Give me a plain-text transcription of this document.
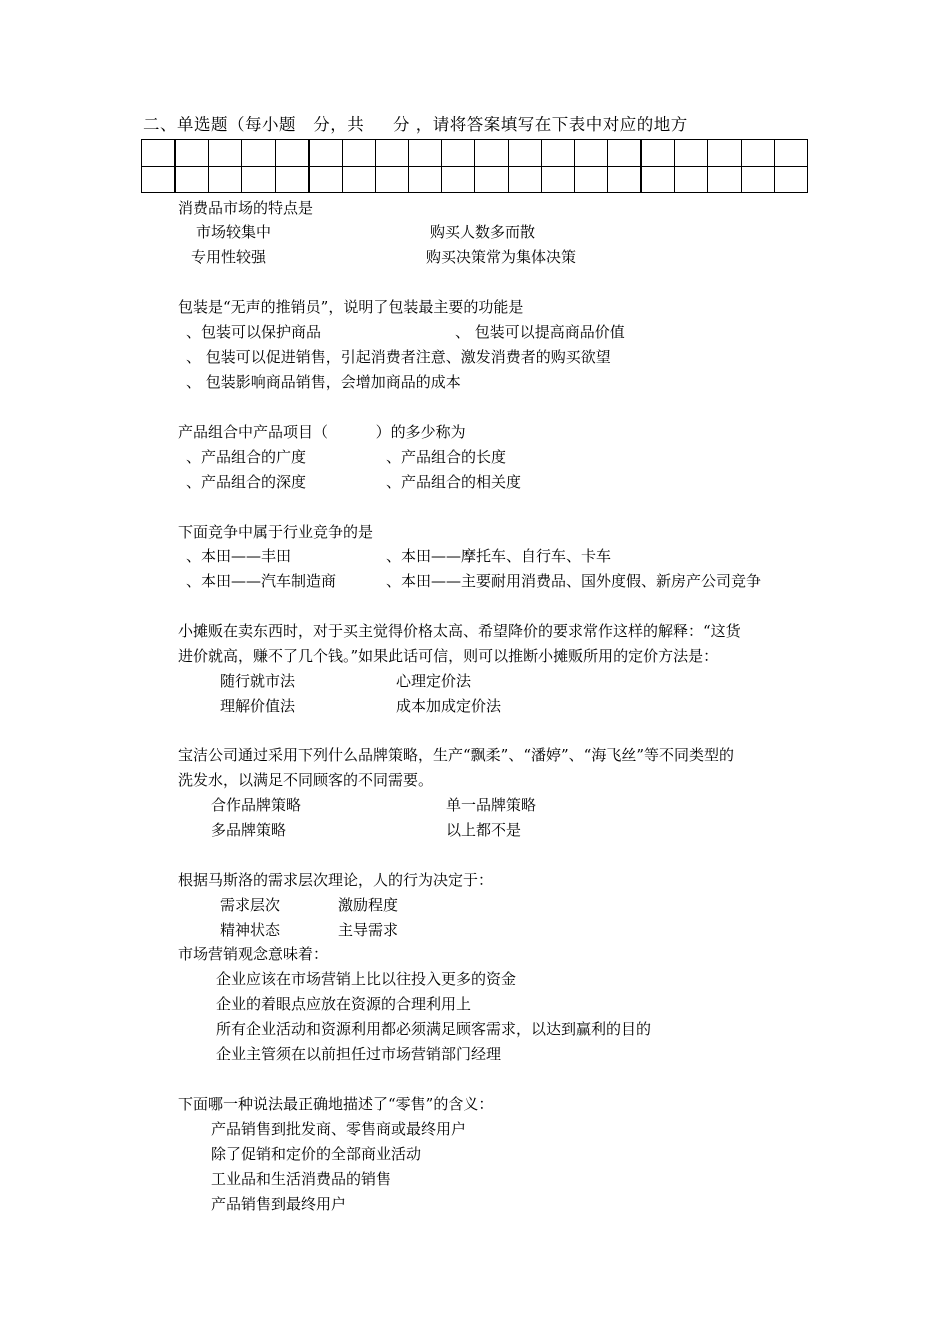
二、单选题（每小题   分，共     分 ，请将答案填写在下表中对应的地方

消费品市场的特点是
市场较集中	购买人数多而散
专用性较强	购买决策常为集体决策
包装是“无声的推销员”，说明了包装最主要的功能是
、包装可以保护商品	、 包装可以提高商品价值
、 包装可以促进销售，引起消费者注意、激发消费者的购买欲望
、 包装影响商品销售，会增加商品的成本
产品组合中产品项目（          ）的多少称为
、产品组合的广度	、产品组合的长度
、产品组合的深度	、产品组合的相关度
下面竞争中属于行业竞争的是
、本田——丰田	、本田——摩托车、自行车、卡车
、本田——汽车制造商	、本田——主要耐用消费品、国外度假、新房产公司竞争
小摊贩在卖东西时，对于买主觉得价格太高、希望降价的要求常作这样的解释：“这货
进价就高，赚不了几个钱。”如果此话可信，则可以推断小摊贩所用的定价方法是：
随行就市法	心理定价法
理解价值法	成本加成定价法
宝洁公司通过采用下列什么品牌策略，生产“飘柔”、“潘婷”、“海飞丝”等不同类型的
洗发水，以满足不同顾客的不同需要。
合作品牌策略	单一品牌策略
多品牌策略	以上都不是
根据马斯洛的需求层次理论，人的行为决定于：
需求层次	激励程度
精神状态	主导需求
市场营销观念意味着：
企业应该在市场营销上比以往投入更多的资金
企业的着眼点应放在资源的合理利用上
所有企业活动和资源利用都必须满足顾客需求，以达到赢利的目的
企业主管须在以前担任过市场营销部门经理
下面哪一种说法最正确地描述了“零售”的含义：
产品销售到批发商、零售商或最终用户
除了促销和定价的全部商业活动
工业品和生活消费品的销售
产品销售到最终用户
